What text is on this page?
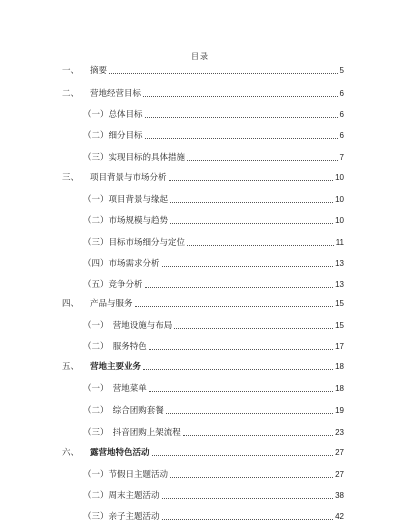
目录
一、	摘要	5
二、	营地经营目标	6
（一）总体目标	6
（二）细分目标	6
（三）实现目标的具体措施	7
三、	项目背景与市场分析	10
（一）项目背景与缘起	10
（二）市场规模与趋势	10
（三）目标市场细分与定位	11
（四）市场需求分析	13
（五）竞争分析	13
四、	产品与服务	15
（一）　营地设施与布局	15
（二）　服务特色	17
五、	营地主要业务	18
（一）　营地菜单	18
（二）　综合团购套餐	19
（三）　抖音团购上架流程	23
六、	露营地特色活动	27
（一）节假日主题活动	27
（二）周末主题活动	38
（三）亲子主题活动	42
